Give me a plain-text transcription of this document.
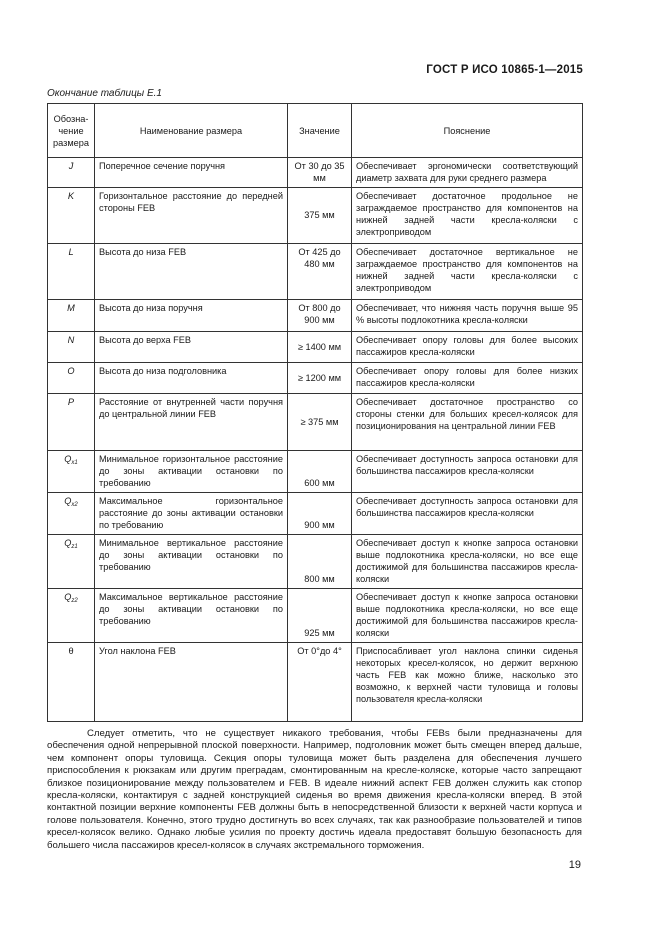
ГОСТ Р ИСО 10865-1—2015
Окончание таблицы Е.1
Обозна-
чение
размера	Наименование размера	Значение	Пояснение
J	Поперечное сечение поручня	От 30 до 35 мм	Обеспечивает эргономически соответствующий диаметр захвата для руки среднего размера
K	Горизонтальное расстояние до передней стороны FEB	375 мм	Обеспечивает достаточное продольное не заграждаемое пространство для компонентов на нижней задней части кресла-коляски с электроприводом
L	Высота до низа FEB	От 425 до 480 мм	Обеспечивает достаточное вертикальное не заграждаемое пространство для компонентов на нижней задней части кресла-коляски с электроприводом
M	Высота до низа поручня	От 800 до 900 мм	Обеспечивает, что нижняя часть поручня выше 95 % высоты подлокотника кресла-коляски
N	Высота до верха FEB	≥ 1400 мм	Обеспечивает опору головы для более высоких пассажиров кресла-коляски
O	Высота до низа подголовника	≥ 1200 мм	Обеспечивает опору головы для более низких пассажиров кресла-коляски
P	Расстояние от внутренней части поручня до центральной линии FEB	≥ 375 мм	Обеспечивает достаточное пространство со стороны стенки для больших кресел-колясок для позиционирования на центральной линии FEB
$Q_{x1}$	Минимальное горизонтальное расстояние до зоны активации остановки по требованию	600 мм	Обеспечивает доступность запроса остановки для большинства пассажиров кресла-коляски
$Q_{x2}$	Максимальное горизонтальное расстояние до зоны активации остановки по требованию	900 мм	Обеспечивает доступность запроса остановки для большинства пассажиров кресла-коляски
$Q_{z1}$	Минимальное вертикальное расстояние до зоны активации остановки по требованию	800 мм	Обеспечивает доступ к кнопке запроса остановки выше подлокотника кресла-коляски, но все еще достижимой для большинства пассажиров кресла-коляски
$Q_{z2}$	Максимальное вертикальное расстояние до зоны активации остановки по требованию	925 мм	Обеспечивает доступ к кнопке запроса остановки выше подлокотника кресла-коляски, но все еще достижимой для большинства пассажиров кресла-коляски
θ	Угол наклона FEB	От 0°до 4°	Приспосабливает угол наклона спинки сиденья некоторых кресел-колясок, но держит верхнюю часть FEB как можно ближе, насколько это возможно, к верхней части туловища и головы пользователя кресла-коляски

Следует отметить, что не существует никакого требования, чтобы FEBs были предназначены для обеспечения одной непрерывной плоской поверхности. Например, подголовник может быть смещен вперед дальше, чем компонент опоры туловища. Секция опоры туловища может быть разделена для обеспечения лучшего приспособления к рюкзакам или другим преградам, смонтированным на кресле-коляске, которые часто запрещают близкое позиционирование между пользователем и FEB. В идеале нижний аспект FEB должен служить как стопор кресла-коляски, контактируя с задней конструкцией сиденья во время движения кресла-коляски вперед. В этой контактной позиции верхние компоненты FEB должны быть в непосредственной близости к верхней части корпуса и голове пользователя. Конечно, этого трудно достигнуть во всех случаях, так как разнообразие пользователей и типов кресел-колясок велико. Однако любые усилия по проекту достичь идеала предоставят большую безопасность для большего числа пассажиров кресел-колясок в случаях экстремального торможения.

19
